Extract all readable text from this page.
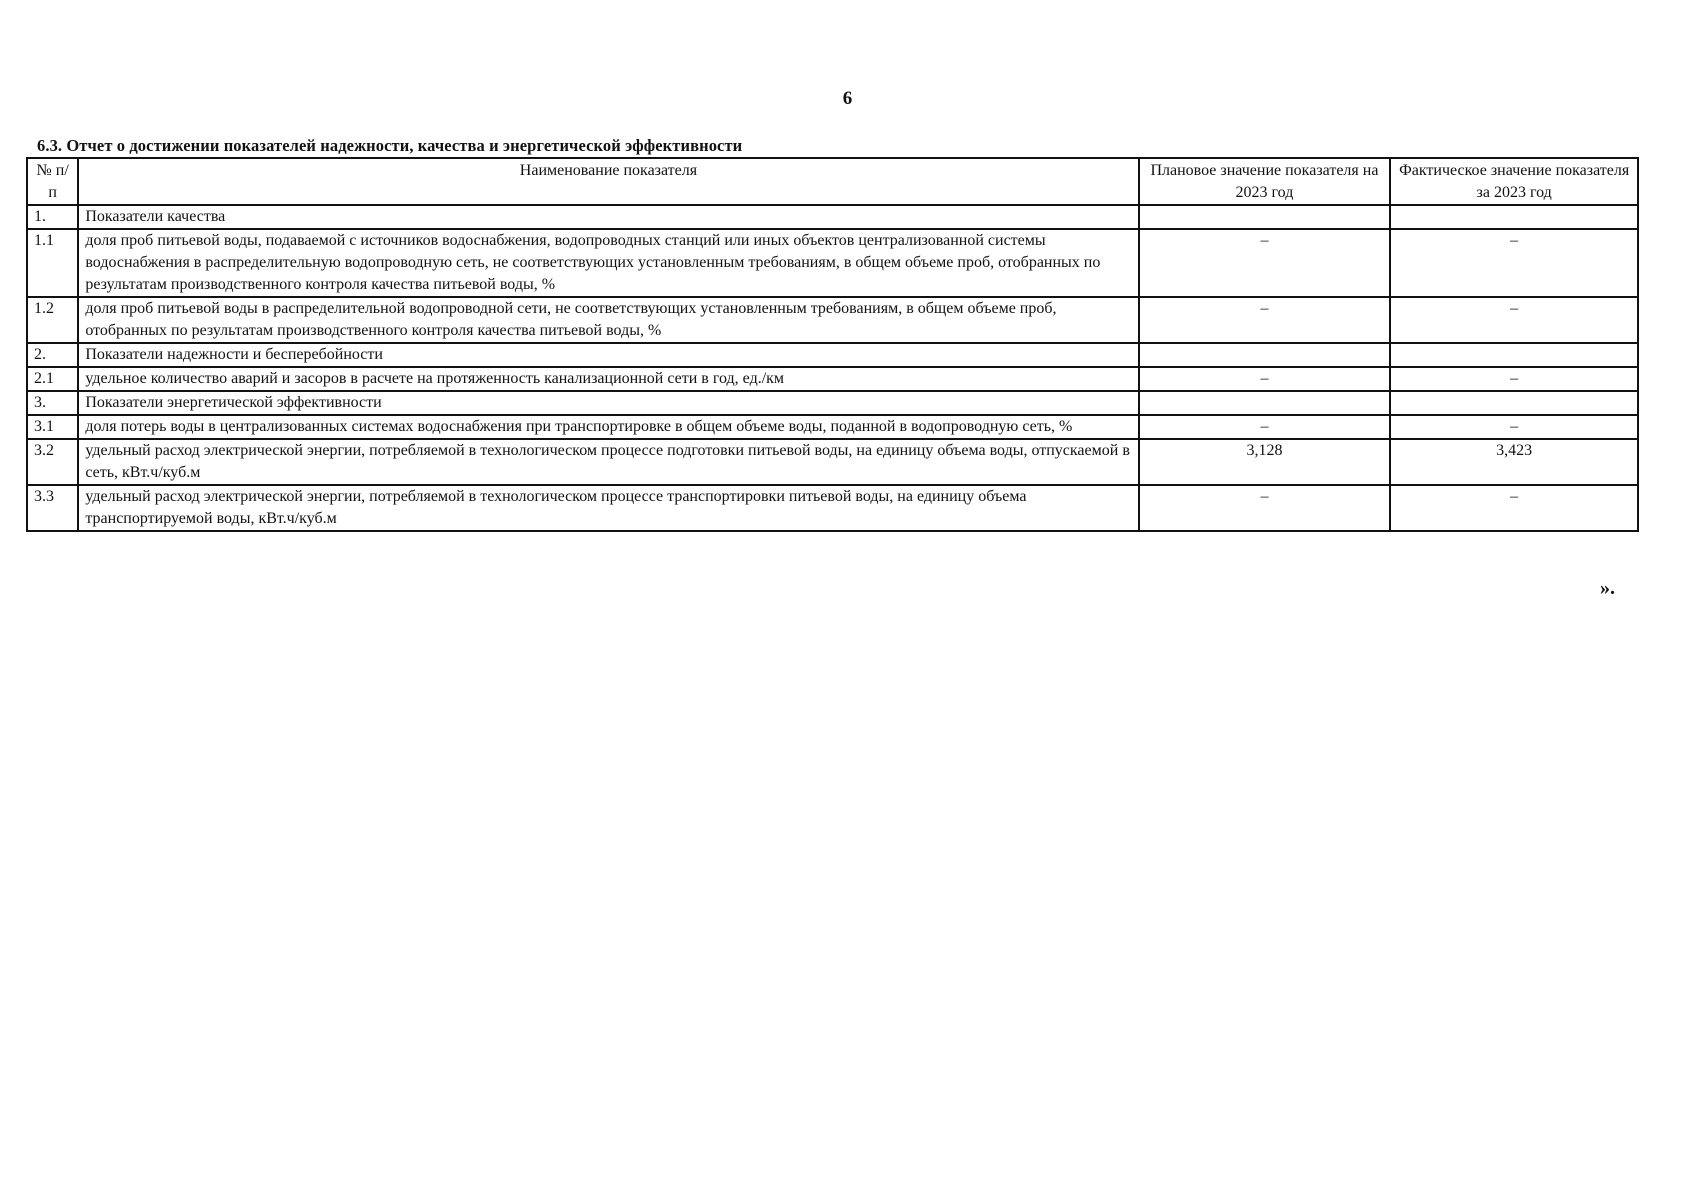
6
6.3. Отчет о достижении показателей надежности, качества и энергетической эффективности
№ п/п	Наименование показателя	Плановое значение показателя на 2023 год	Фактическое значение показателя за 2023 год
1.	Показатели качества		
1.1	доля проб питьевой воды, подаваемой с источников водоснабжения, водопроводных станций или иных объектов централизованной системы водоснабжения в распределительную водопроводную сеть, не соответствующих установленным требованиям, в общем объеме проб, отобранных по результатам производственного контроля качества питьевой воды, %	–	–
1.2	доля проб питьевой воды в распределительной водопроводной сети, не соответствующих установленным требованиям, в общем объеме проб, отобранных по результатам производственного контроля качества питьевой воды, %	–	–
2.	Показатели надежности и бесперебойности		
2.1	удельное количество аварий и засоров в расчете на протяженность канализационной сети в год, ед./км	–	–
3.	Показатели энергетической эффективности		
3.1	доля потерь воды в централизованных системах водоснабжения при транспортировке в общем объеме воды, поданной в водопроводную сеть, %	–	–
3.2	удельный расход электрической энергии, потребляемой в технологическом процессе подготовки питьевой воды, на единицу объема воды, отпускаемой в сеть, кВт.ч/куб.м	3,128	3,423
3.3	удельный расход электрической энергии, потребляемой в технологическом процессе транспортировки питьевой воды, на единицу объема транспортируемой воды, кВт.ч/куб.м	–	–
».
